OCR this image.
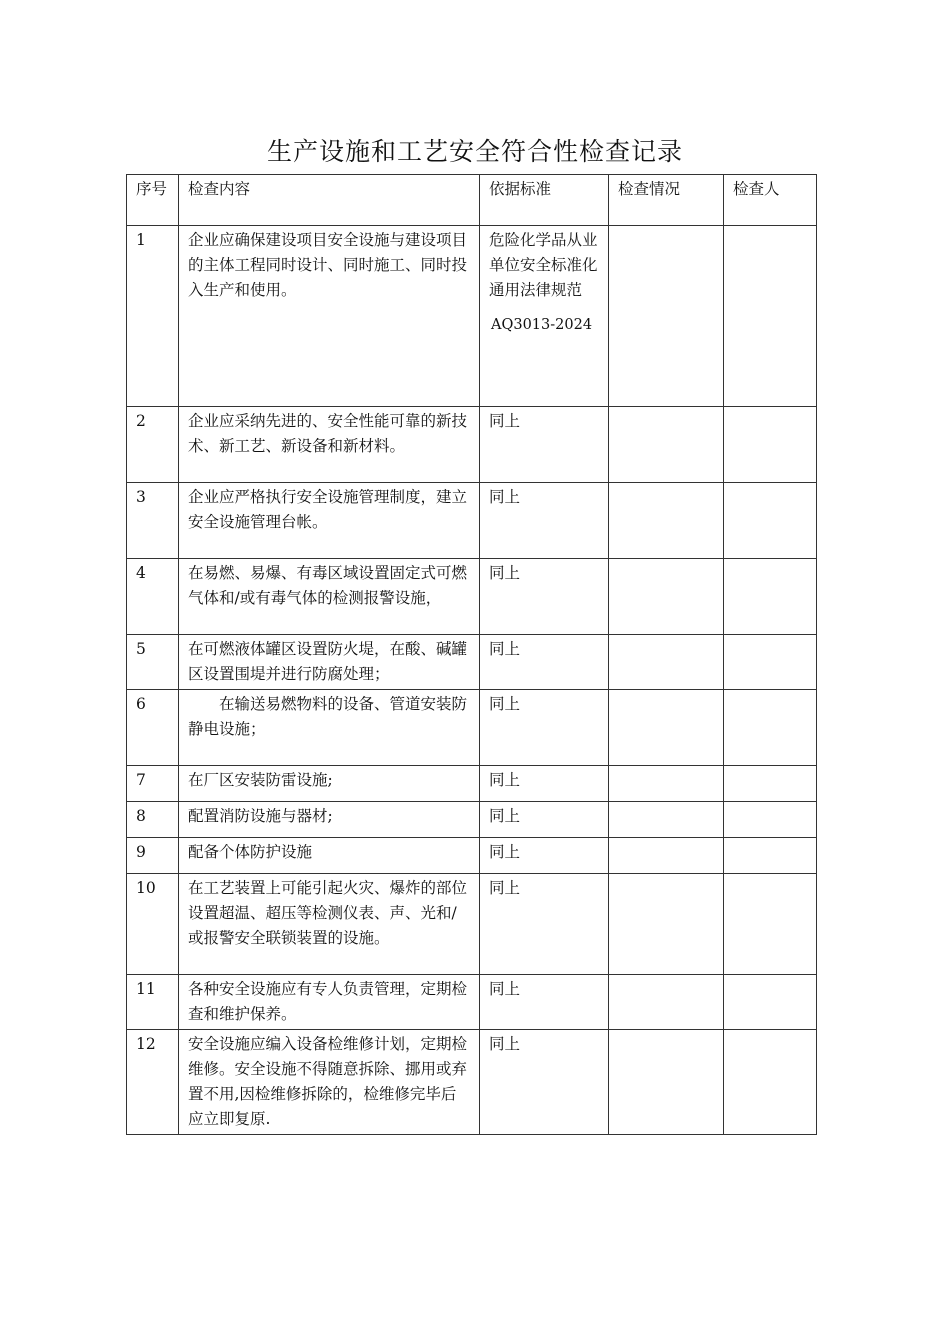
生产设施和工艺安全符合性检查记录
序号	检查内容	依据标准	检查情况	检查人
1	企业应确保建设项目安全设施与建设项目的主体工程同时设计、同时施工、同时投入生产和使用。	危险化学品从业单位安全标准化通用法律规范
AQ3013-2024		

2	企业应采纳先进的、安全性能可靠的新技术、新工艺、新设备和新材料。	同上		
3	企业应严格执行安全设施管理制度，建立安全设施管理台帐。	同上		
4	在易燃、易爆、有毒区域设置固定式可燃气体和/或有毒气体的检测报警设施，	同上		
5	在可燃液体罐区设置防火堤，在酸、碱罐区设置围堤并进行防腐处理；	同上		
6	在输送易燃物料的设备、管道安装防静电设施；	同上		
7	在厂区安装防雷设施;	同上		
8	配置消防设施与器材;	同上		
9	配备个体防护设施	同上		
10	在工艺装置上可能引起火灾、爆炸的部位设置超温、超压等检测仪表、声、光和/或报警安全联锁装置的设施。	同上		
11	各种安全设施应有专人负责管理，定期检查和维护保养。	同上		
12	安全设施应编入设备检维修计划，定期检维修。安全设施不得随意拆除、挪用或弃置不用,因检维修拆除的，检维修完毕后应立即复原.	同上		
